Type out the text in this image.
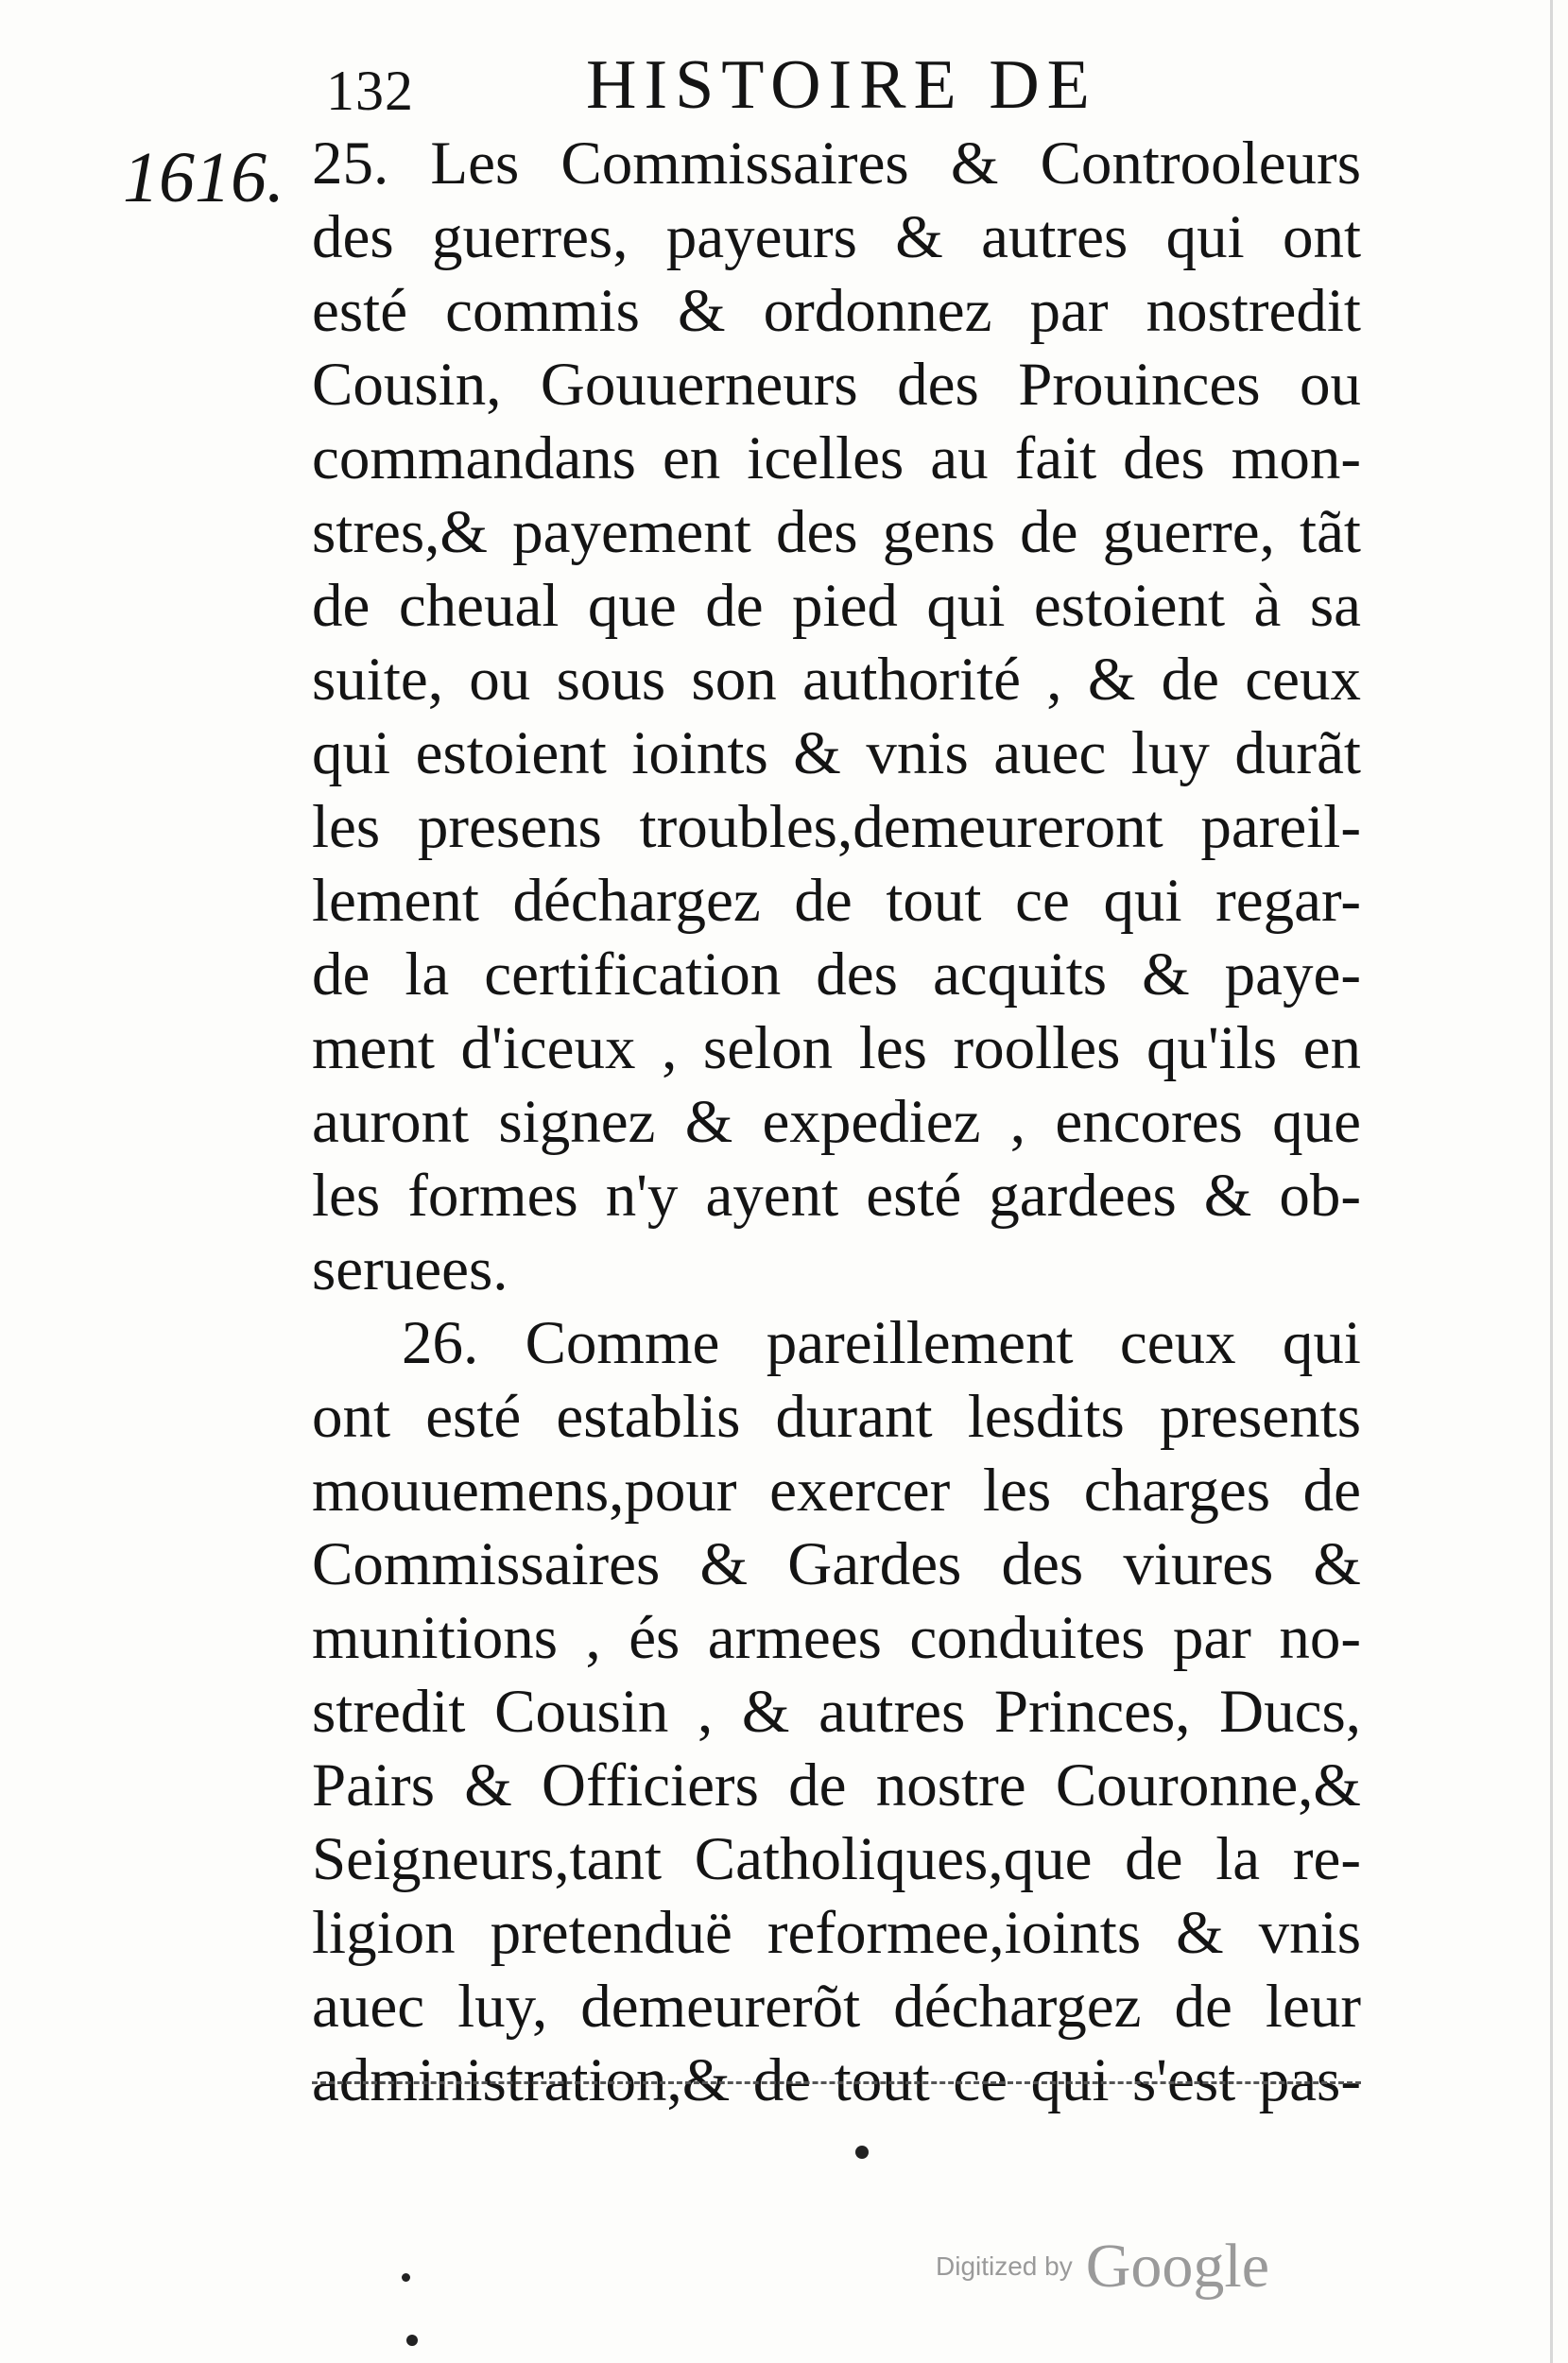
132 HISTOIRE DE
1616. 25. Les Commissaires & Controoleurs
des guerres, payeurs & autres qui ont
esté commis & ordonnez par nostredit
Cousin, Gouuerneurs des Prouinces ou
commandans en icelles au fait des mon-
stres,& payement des gens de guerre, tãt
de cheual que de pied qui estoient à sa
suite, ou sous son authorité , & de ceux
qui estoient ioints & vnis auec luy durãt
les presens troubles,demeureront pareil-
lement déchargez de tout ce qui regar-
de la certification des acquits & paye-
ment d'iceux , selon les roolles qu'ils en
auront signez & expediez , encores que
les formes n'y ayent esté gardees & ob-
seruees.
26. Comme pareillement ceux qui
ont esté establis durant lesdits presents
mouuemens,pour exercer les charges de
Commissaires & Gardes des viures &
munitions , és armees conduites par no-
stredit Cousin , & autres Princes, Ducs,
Pairs & Officiers de nostre Couronne,&
Seigneurs,tant Catholiques,que de la re-
ligion pretenduë reformee,ioints & vnis
auec luy, demeurerõt déchargez de leur
administration,& de tout ce qui s'est pas-
Digitized by Google
